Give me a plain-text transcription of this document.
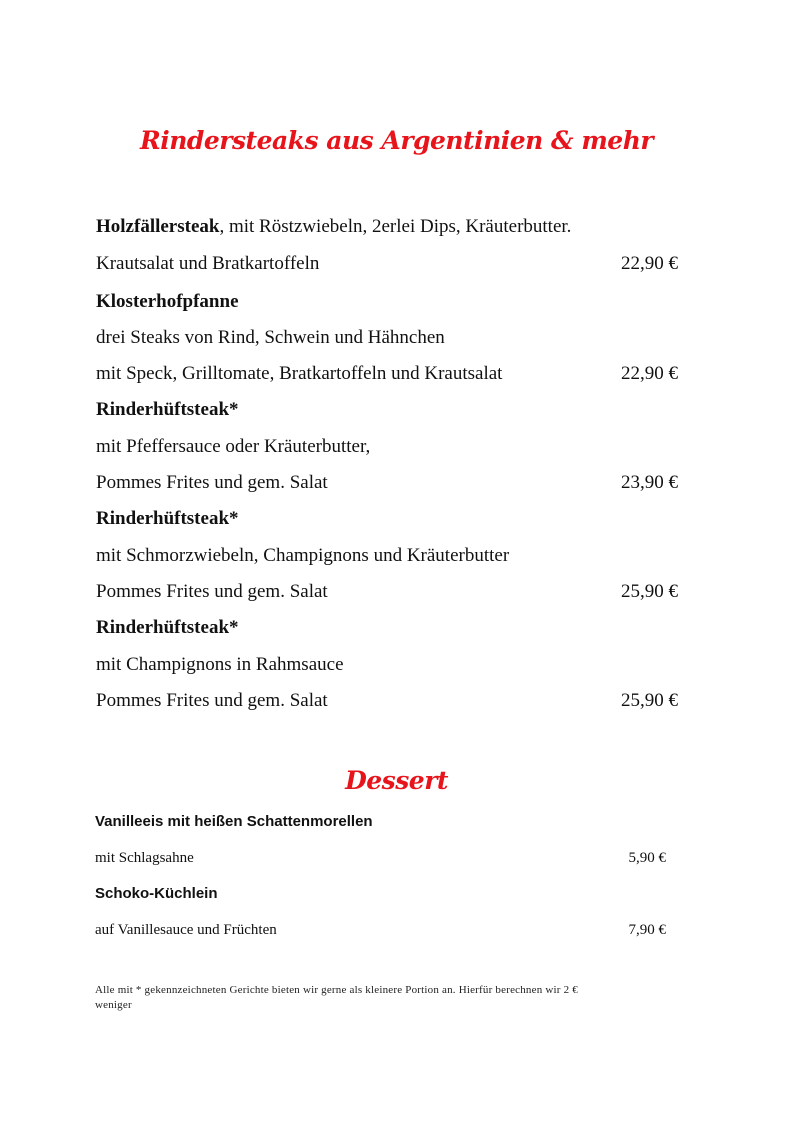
Rindersteaks aus Argentinien & mehr
Holzfällersteak, mit Röstzwiebeln, 2erlei Dips, Kräuterbutter.
Krautsalat und Bratkartoffeln	22,90 €
Klosterhofpfanne
drei Steaks von Rind, Schwein und Hähnchen
mit Speck, Grilltomate, Bratkartoffeln und Krautsalat	22,90 €
Rinderhüftsteak*
mit Pfeffersauce oder Kräuterbutter,
Pommes Frites und gem. Salat	23,90 €
Rinderhüftsteak*
mit Schmorzwiebeln, Champignons und Kräuterbutter
Pommes Frites und gem. Salat	25,90 €
Rinderhüftsteak*
mit Champignons in Rahmsauce
Pommes Frites und gem. Salat	25,90 €
Dessert
Vanilleeis mit heißen Schattenmorellen
mit Schlagsahne	5,90 €
Schoko-Küchlein
auf Vanillesauce und Früchten	7,90 €
Alle mit * gekennzeichneten Gerichte bieten wir gerne als kleinere Portion an. Hierfür berechnen wir 2 €
weniger
